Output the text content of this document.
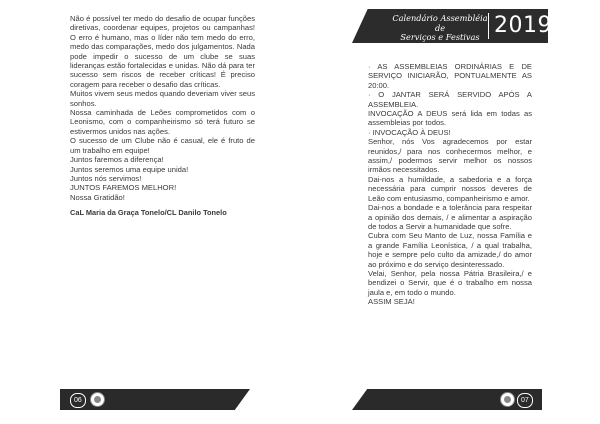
Calendário Assembléia de
Serviços e Festivas 2019
Não é possível ter medo do desafio de ocupar funções diretivas, coordenar equipes, projetos ou campanhas! O erro é humano, mas o líder não tem medo do erro, medo das comparações, medo dos julgamentos. Nada pode impedir o sucesso de um clube se suas lideranças estão fortalecidas e unidas. Não dá para ter sucesso sem riscos de receber críticas! É preciso coragem para receber o desafio das críticas.
Muitos vivem seus medos quando deveriam viver seus sonhos.
Nossa caminhada de Leões comprometidos com o Leonismo, com o companheirismo só terá futuro se estivermos unidos nas ações.
O sucesso de um Clube não é casual, ele é fruto de um trabalho em equipe!
Juntos faremos a diferença!
Juntos seremos uma equipe unida!
Juntos nós servimos!
JUNTOS FAREMOS MELHOR!
Nossa Gratidão!
CaL Maria da Graça Tonelo/CL Danilo Tonelo
· AS ASSEMBLEIAS ORDINÁRIAS E DE SERVIÇO INICIARÃO, PONTUALMENTE AS 20:00.
· O JANTAR SERÁ SERVIDO APÓS A ASSEMBLEIA.
INVOCAÇÃO A DEUS será lida em todas as assembleias por todos.
· INVOCAÇÃO À DEUS!
Senhor, nós Vos agradecemos por estar reunidos,/ para nos conhecermos melhor, e assim,/ podermos servir melhor os nossos irmãos necessitados.
Dai-nos a humildade, a sabedoria e a força necessária para cumprir nossos deveres de Leão com entusiasmo, companheirismo e amor.
Dai-nos a bondade e a tolerância para respeitar a opinião dos demais, / e alimentar a aspiração de todos a Servir a humanidade que sofre.
Cubra com Seu Manto de Luz, nossa Família e a grande Família Leonística, / a qual trabalha, hoje e sempre pelo culto da amizade,/ do amor ao próximo e do serviço desinteressado.
Velai, Senhor, pela nossa Pátria Brasileira,/ e bendizei o Servir, que é o trabalho em nossa jaula e, em todo o mundo.
ASSIM SEJA!
06	07
